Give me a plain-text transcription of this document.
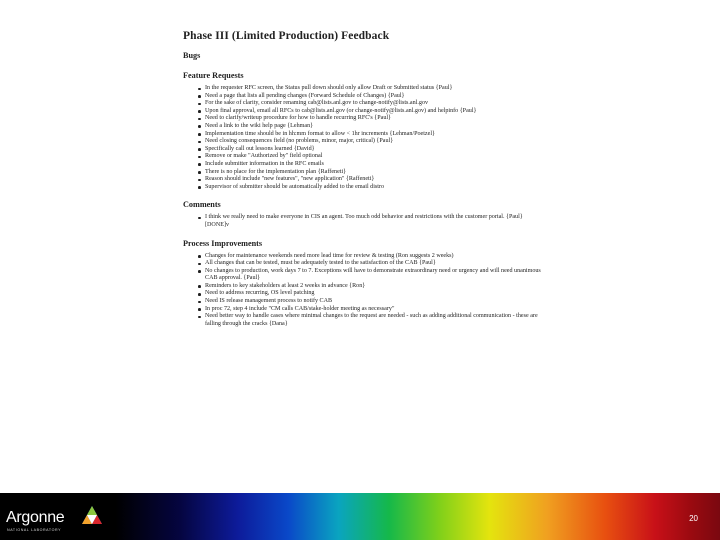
Phase III (Limited Production) Feedback
Bugs
Feature Requests
In the requester RFC screen, the Status pull down should only allow Draft or Submitted status {Paul}
Need a page that lists all pending changes (Forward Schedule of Changes) {Paul}
For the sake of clarity, consider renaming cab@lists.anl.gov to change-notify@lists.anl.gov
Upon final approval, email all RFCs to cab@lists.anl.gov (or change-notify@lists.anl.gov) and helpinfo {Paul}
Need to clarify/writeup procedure for how to handle recurring RFC's {Paul}
Need a link to the wiki help page {Lehman}
Implementation time should be in hh:mm format to allow < 1hr increments {Lehman/Poetzel}
Need closing consequences field (no problems, minor, major, critical) {Paul}
Specifically call out lessons learned {David}
Remove or make "Authorized by" field optional
Include submitter information in the RFC emails
There is no place for the implementation plan {Raffeneti}
Reason should include "new features", "new application" {Raffeneti}
Supervisor of submitter should be automatically added to the email distro
Comments
I think we really need to make everyone in CIS an agent. Too much odd behavior and restrictions with the customer portal. {Paul} [DONE]v
Process Improvements
Changes for maintenance weekends need more lead time for review & testing (Ron suggests 2 weeks)
All changes that can be tested, must be adequately tested to the satisfaction of the CAB {Paul}
No changes to production, work days 7 to 7. Exceptions will have to demonstrate extraordinary need or urgency and will need unanimous CAB approval. {Paul}
Reminders to key stakeholders at least 2 weeks in advance {Ron}
Need to address recurring, OS level patching
Need IS release management process to notify CAB
In proc 72, step 4 include "CM calls CAB/stake-holder meeting as necessary"
Need better way to handle cases where minimal changes to the request are needed - such as adding additional communication - these are falling through the cracks {Dana}
Argonne
NATIONAL LABORATORY
20
